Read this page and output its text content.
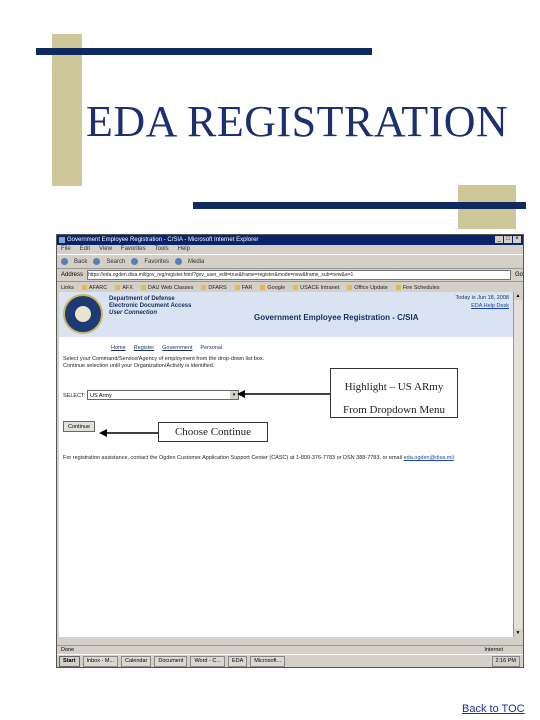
EDA REGISTRATION
Government Employee Registration - C/SIA - Microsoft Internet Explorer	_ □ ×
File Edit View Favorites Tools Help
Back	Search	Favorites	Media
Address https://eda.ogden.disa.mil/gov_reg/register.html?gov_user_edit=true&frame=register&mode=new&frame_sub=new&a=1	Go
Links	AFARC	AFX	DAU Web Classes	DFARS	FAR	Google	USACE Intranet	Office Update	Fire Schedules
Department of Defense
Electronic Document Access
User Connection	Government Employee Registration - C/SIA
Today is Jun 18, 2008
EDA Help Desk
Home Register Government Personal
Select your Command/Service/Agency of employment from the drop-down list box.
Continue selection until your Organization/Activity is identified.
SELECT: US Army	▾
Continue
For registration assistance, contact the Ogden Customer Application Support Center (CASC) at 1-800-376-7783 or DSN 388-7783, or email eda.ogden@disa.mil
▲
▼
Done	Internet
Start	Inbox - M...	Calendar	Document	Word - C...	EDA	Microsoft...	2:16 PM
Highlight – US ARmy
From Dropdown Menu
Choose Continue
Back to TOC
